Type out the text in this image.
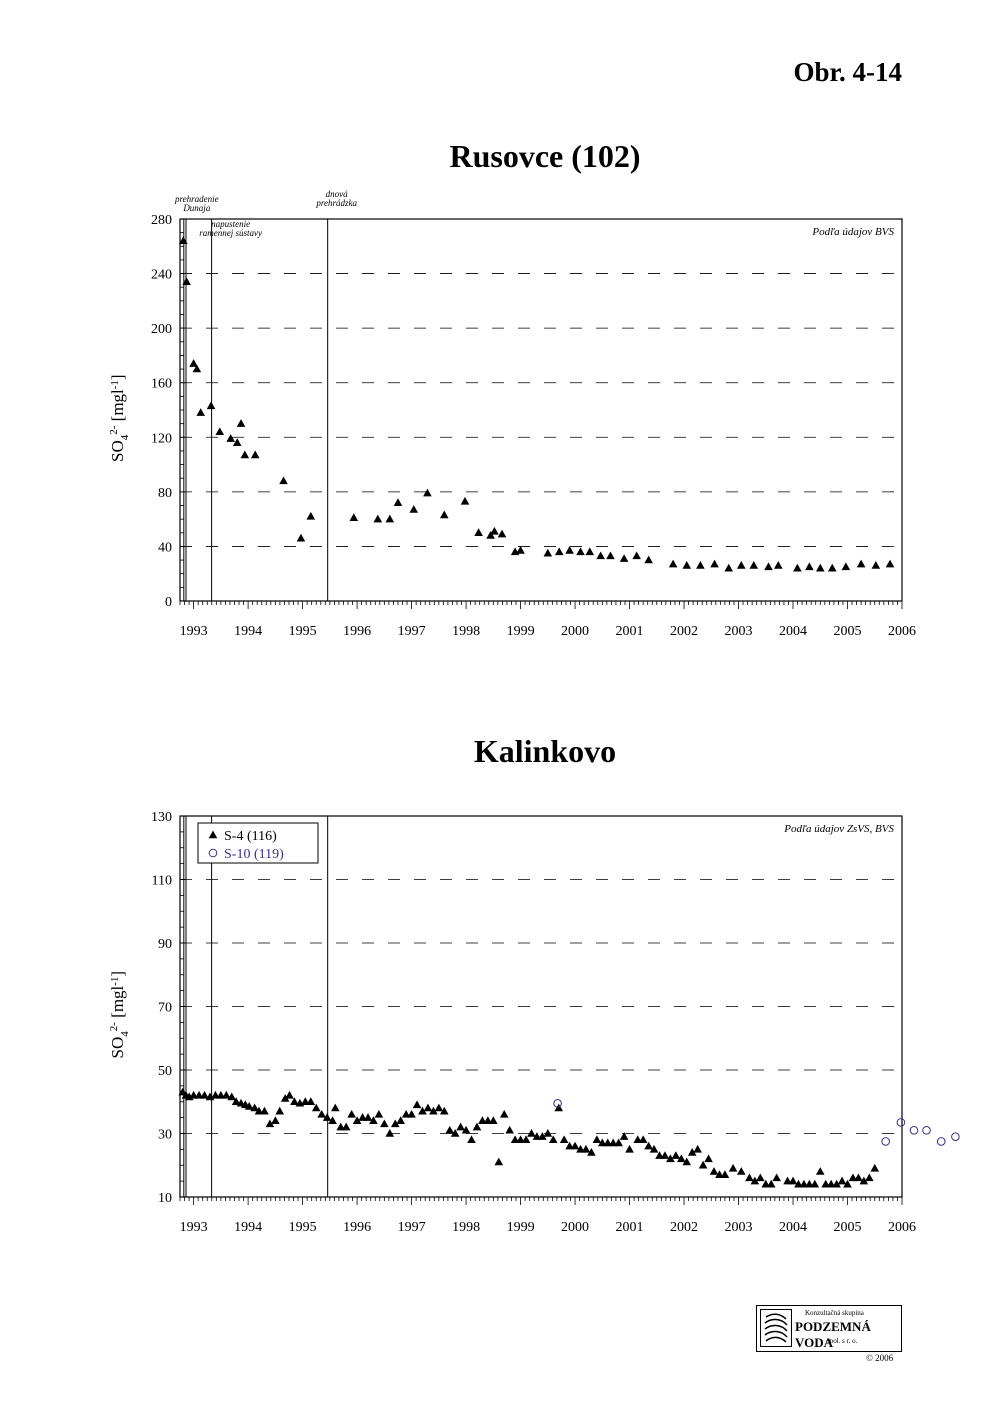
Obr. 4-14
Rusovce (102)
Kalinkovo
prehradenie
Dunaja
napustenie
ramennej sústavy
dnová
prehrádzka
0
40
80
120
160
200
240
280
1993 1994 1995 1996 1997 1998 1999 2000 2001 2002 2003 2004 2005 2006
$SO_4^{2-}$ [mgl$^{-1}$]
Podľa údajov BVS
10
30
50
70
90
110
130
1993 1994 1995 1996 1997 1998 1999 2000 2001 2002 2003 2004 2005 2006
$SO_4^{2-}$ [mgl$^{-1}$]
Podľa údajov ZsVS, BVS
S-4 (116)
S-10 (119)
Konzultačná skupina
PODZEMNÁ VODA
spol. s r. o.
© 2006
